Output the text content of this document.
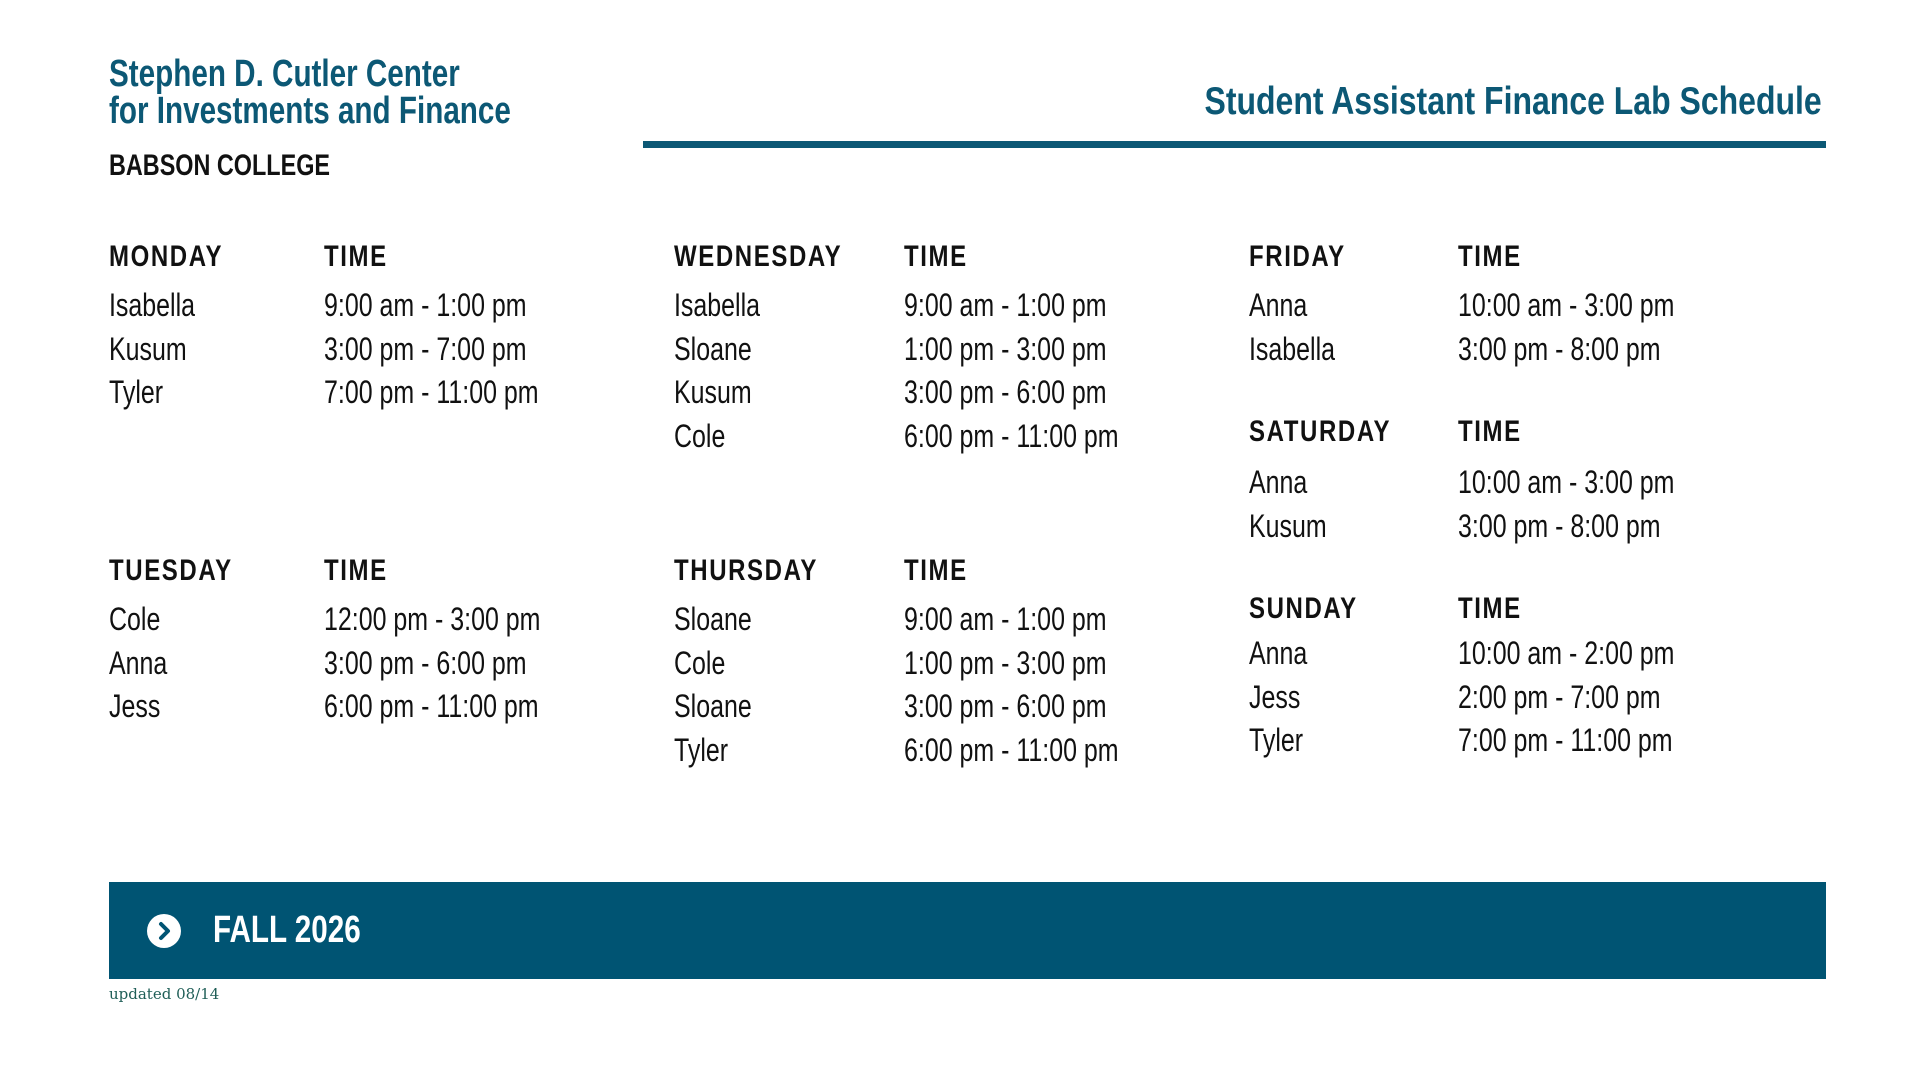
Stephen D. Cutler Center
for Investments and Finance
BABSON COLLEGE
Student Assistant Finance Lab Schedule
MONDAY	TIME
Isabella	9:00 am - 1:00 pm
Kusum	3:00 pm - 7:00 pm
Tyler	7:00 pm - 11:00 pm
TUESDAY	TIME
Cole	12:00 pm - 3:00 pm
Anna	3:00 pm - 6:00 pm
Jess	6:00 pm - 11:00 pm
WEDNESDAY TIME
Isabella	9:00 am - 1:00 pm
Sloane	1:00 pm - 3:00 pm
Kusum	3:00 pm - 6:00 pm
Cole	6:00 pm - 11:00 pm
THURSDAY	TIME
Sloane	9:00 am - 1:00 pm
Cole	1:00 pm - 3:00 pm
Sloane	3:00 pm - 6:00 pm
Tyler	6:00 pm - 11:00 pm
FRIDAY	TIME
Anna	10:00 am - 3:00 pm
Isabella	3:00 pm - 8:00 pm
SATURDAY TIME
Anna	10:00 am - 3:00 pm
Kusum	3:00 pm - 8:00 pm
SUNDAY	TIME
Anna	10:00 am - 2:00 pm
Jess	2:00 pm - 7:00 pm
Tyler	7:00 pm - 11:00 pm
FALL 2026
updated 08/14
